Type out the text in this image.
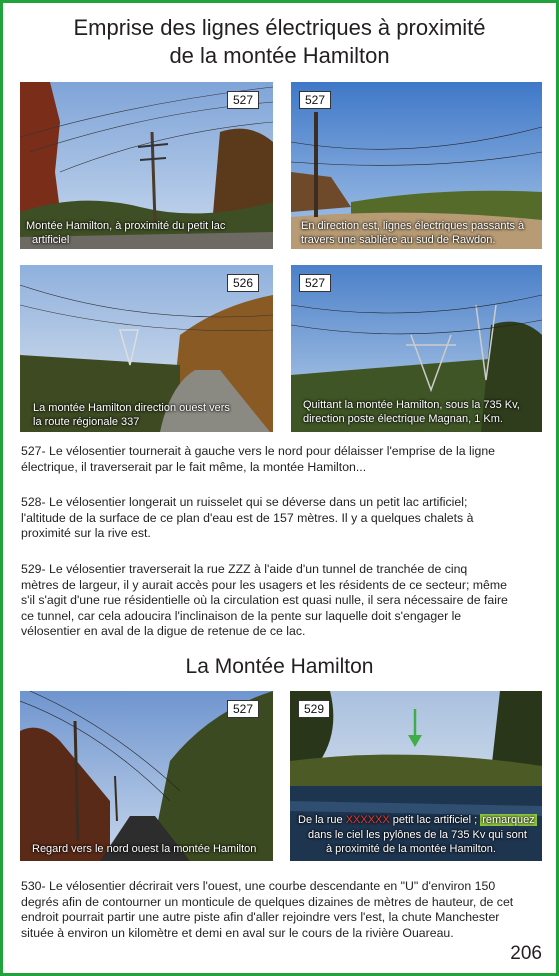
Emprise des lignes électriques à proximité
de la montée Hamilton
527
Montée Hamilton, à proximité du petit lac
artificiel
527
En direction est, lignes électriques passants à
travers une sablière au sud de Rawdon.
526
La montée Hamilton direction ouest vers
la route régionale 337
527
Quittant la montée Hamilton, sous la 735 Kv,
direction poste électrique Magnan, 1 Km.
527- Le vélosentier tournerait à gauche vers le nord pour délaisser l'emprise de la ligne
électrique, il traverserait par le fait même, la montée Hamilton...
528- Le vélosentier longerait un ruisselet qui se déverse dans un petit lac artificiel;
l'altitude de la surface de ce plan d'eau est de 157 mètres. Il y a quelques chalets à
proximité sur la rive est.
529- Le vélosentier traverserait la rue ZZZ à l'aide d'un tunnel de tranchée de cinq
mètres de largeur, il y aurait accès pour les usagers et les résidents de ce secteur; même
s'il s'agit d'une rue résidentielle où la circulation est quasi nulle, il sera nécessaire de faire
ce tunnel, car cela adoucira l'inclinaison de la pente sur laquelle doit s'engager le
vélosentier en aval de la digue de retenue de ce lac.
La Montée Hamilton
527
Regard vers le nord ouest la montée Hamilton
529
De la rue XXXXXX petit lac artificiel ; remarquez
dans le ciel les pylônes de la 735 Kv qui sont
à proximité de la montée Hamilton.
530- Le vélosentier décrirait vers l'ouest, une courbe descendante en "U" d'environ 150
degrés afin de contourner un monticule de quelques dizaines de mètres de hauteur, de cet
endroit pourrait partir une autre piste afin d'aller rejoindre vers l'est, la chute Manchester
située à environ un kilomètre et demi en aval sur le cours de la rivière Ouareau.
206
